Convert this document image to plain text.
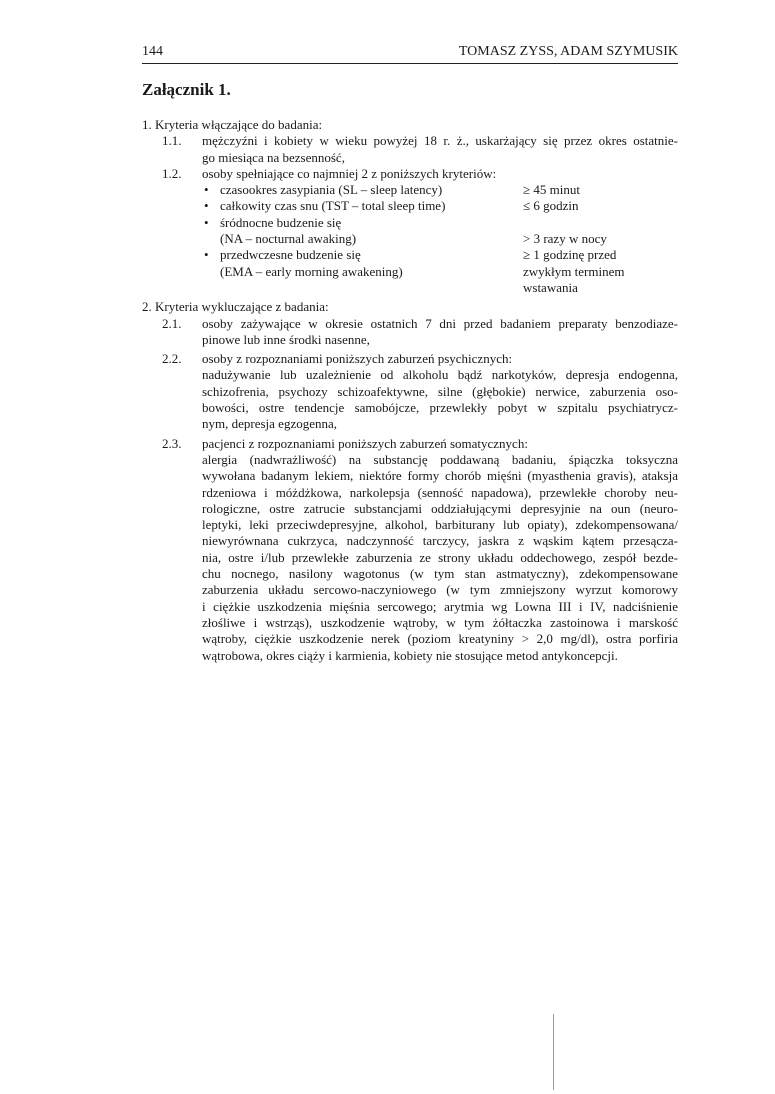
144	TOMASZ ZYSS, ADAM SZYMUSIK
Załącznik 1.
1. Kryteria włączające do badania:
1.1. mężczyźni i kobiety w wieku powyżej 18 r. ż., uskarżający się przez okres ostatnie-
go miesiąca na bezsenność,
1.2. osoby spełniające co najmniej 2 z poniższych kryteriów:
• czasookres zasypiania (SL – sleep latency)	≥ 45 minut
• całkowity czas snu (TST – total sleep time)	≤ 6 godzin
• śródnocne budzenie się
(NA – nocturnal awaking)	> 3 razy w nocy
• przedwczesne budzenie się	≥ 1 godzinę przed
(EMA – early morning awakening)	zwykłym terminem
wstawania
2. Kryteria wykluczające z badania:
2.1. osoby zażywające w okresie ostatnich 7 dni przed badaniem preparaty benzodiaze-
pinowe lub inne środki nasenne,
2.2. osoby z rozpoznaniami poniższych zaburzeń psychicznych:
nadużywanie lub uzależnienie od alkoholu bądź narkotyków, depresja endogenna,
schizofrenia, psychozy schizoafektywne, silne (głębokie) nerwice, zaburzenia oso-
bowości, ostre tendencje samobójcze, przewlekły pobyt w szpitalu psychiatrycz-
nym, depresja egzogenna,
2.3. pacjenci z rozpoznaniami poniższych zaburzeń somatycznych:
alergia (nadwrażliwość) na substancję poddawaną badaniu, śpiączka toksyczna
wywołana badanym lekiem, niektóre formy chorób mięśni (myasthenia gravis), ataksja
rdzeniowa i móżdżkowa, narkolepsja (senność napadowa), przewlekłe choroby neu-
rologiczne, ostre zatrucie substancjami oddziałującymi depresyjnie na oun (neuro-
leptyki, leki przeciwdepresyjne, alkohol, barbiturany lub opiaty), zdekompensowana/
niewyrównana cukrzyca, nadczynność tarczycy, jaskra z wąskim kątem przesącza-
nia, ostre i/lub przewlekłe zaburzenia ze strony układu oddechowego, zespół bezde-
chu nocnego, nasilony wagotonus (w tym stan astmatyczny), zdekompensowane
zaburzenia układu sercowo-naczyniowego (w tym zmniejszony wyrzut komorowy
i ciężkie uszkodzenia mięśnia sercowego; arytmia wg Lowna III i IV, nadciśnienie
złośliwe i wstrząs), uszkodzenie wątroby, w tym żółtaczka zastoinowa i marskość
wątroby, ciężkie uszkodzenie nerek (poziom kreatyniny > 2,0 mg/dl), ostra porfiria
wątrobowa, okres ciąży i karmienia, kobiety nie stosujące metod antykoncepcji.
